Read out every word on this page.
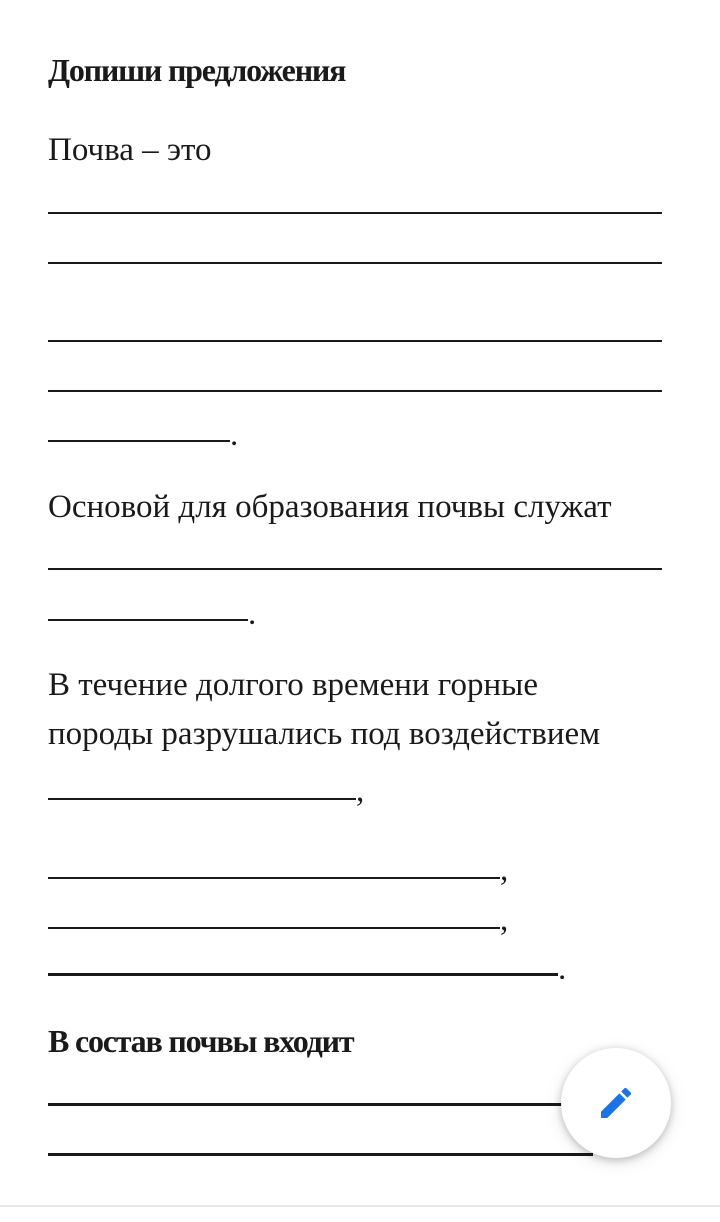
Допиши предложения
Почва – это
.
Основой для образования почвы служат
.
В течение долгого времени горные
породы разрушались под воздействием
,
,
,
.
В состав почвы входит
